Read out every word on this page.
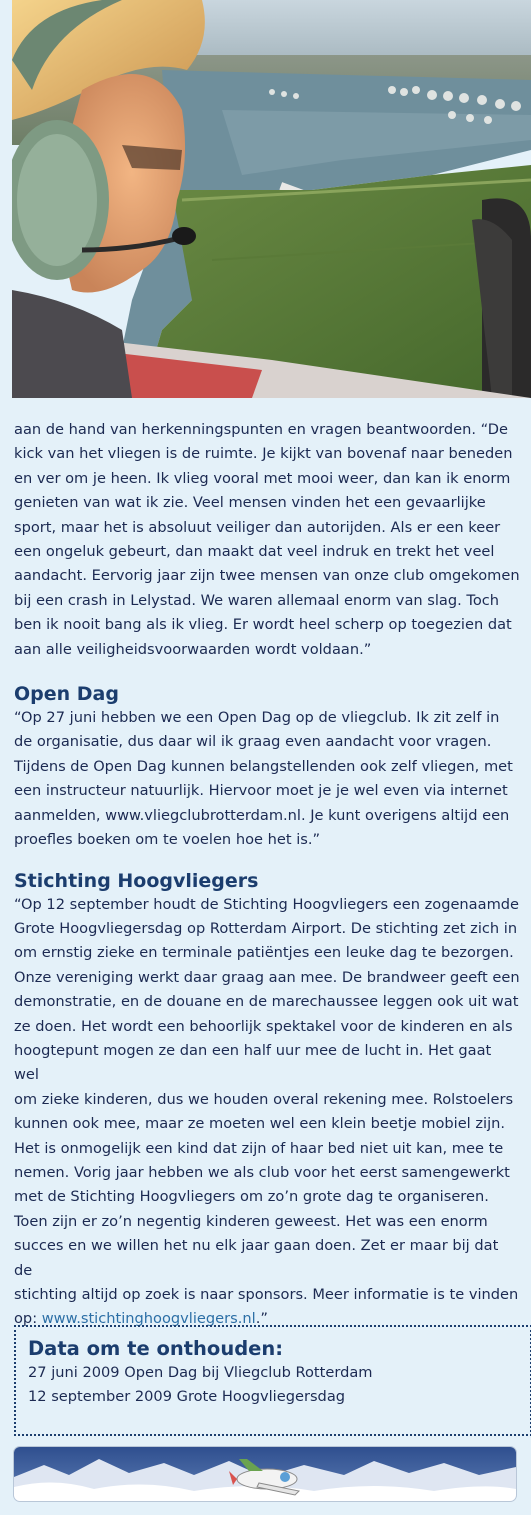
aan de hand van herkenningspunten en vragen beantwoorden. “De
kick van het vliegen is de ruimte. Je kijkt van bovenaf naar beneden
en ver om je heen. Ik vlieg vooral met mooi weer, dan kan ik enorm
genieten van wat ik zie. Veel mensen vinden het een gevaarlijke
sport, maar het is absoluut veiliger dan autorijden. Als er een keer
een ongeluk gebeurt, dan maakt dat veel indruk en trekt het veel
aandacht. Eervorig jaar zijn twee mensen van onze club omgekomen
bij een crash in Lelystad. We waren allemaal enorm van slag. Toch
ben ik nooit bang als ik vlieg. Er wordt heel scherp op toegezien dat
aan alle veiligheidsvoorwaarden wordt voldaan.”

Open Dag

“Op 27 juni hebben we een Open Dag op de vliegclub. Ik zit zelf in
de organisatie, dus daar wil ik graag even aandacht voor vragen.
Tijdens de Open Dag kunnen belangstellenden ook zelf vliegen, met
een instructeur natuurlijk. Hiervoor moet je je wel even via internet
aanmelden, www.vliegclubrotterdam.nl. Je kunt overigens altijd een
proefles boeken om te voelen hoe het is.”

Stichting Hoogvliegers

“Op 12 september houdt de Stichting Hoogvliegers een zogenaamde
Grote Hoogvliegersdag op Rotterdam Airport. De stichting zet zich in
om ernstig zieke en terminale patiëntjes een leuke dag te bezorgen.
Onze vereniging werkt daar graag aan mee. De brandweer geeft een
demonstratie, en de douane en de marechaussee leggen ook uit wat
ze doen. Het wordt een behoorlijk spektakel voor de kinderen en als
hoogtepunt mogen ze dan een half uur mee de lucht in. Het gaat wel
om zieke kinderen, dus we houden overal rekening mee. Rolstoelers
kunnen ook mee, maar ze moeten wel een klein beetje mobiel zijn.
Het is onmogelijk een kind dat zijn of haar bed niet uit kan, mee te
nemen. Vorig jaar hebben we als club voor het eerst samengewerkt
met de Stichting Hoogvliegers om zo’n grote dag te organiseren.
Toen zijn er zo’n negentig kinderen geweest. Het was een enorm
succes en we willen het nu elk jaar gaan doen. Zet er maar bij dat de
stichting altijd op zoek is naar sponsors. Meer informatie is te vinden
op: www.stichtinghoogvliegers.nl.”

Data om te onthouden:

27 juni 2009 Open Dag bij Vliegclub Rotterdam

12 september 2009 Grote Hoogvliegersdag
